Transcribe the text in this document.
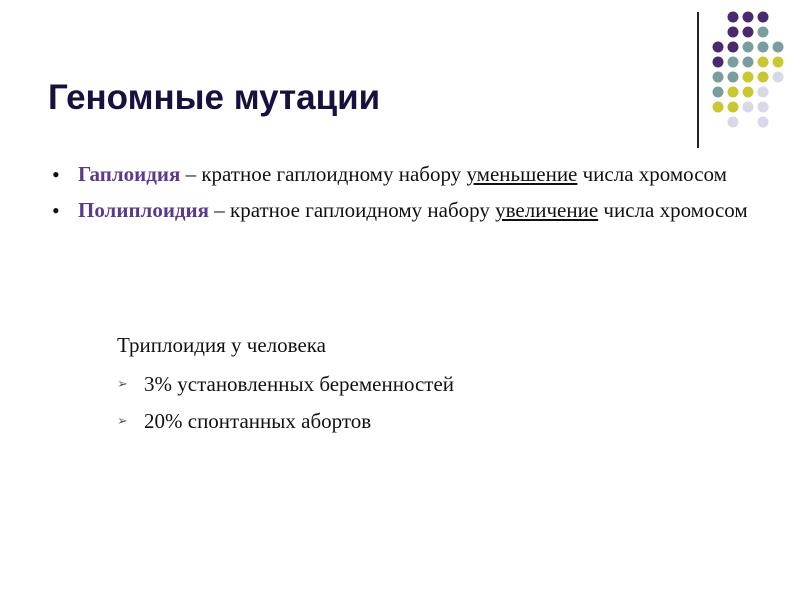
Геномные мутации
• Гаплоидия – кратное гаплоидному набору уменьшение числа хромосом
• Полиплоидия – кратное гаплоидному набору увеличение числа хромосом
Триплоидия у человека
➢ 3% установленных беременностей
➢ 20% спонтанных абортов
